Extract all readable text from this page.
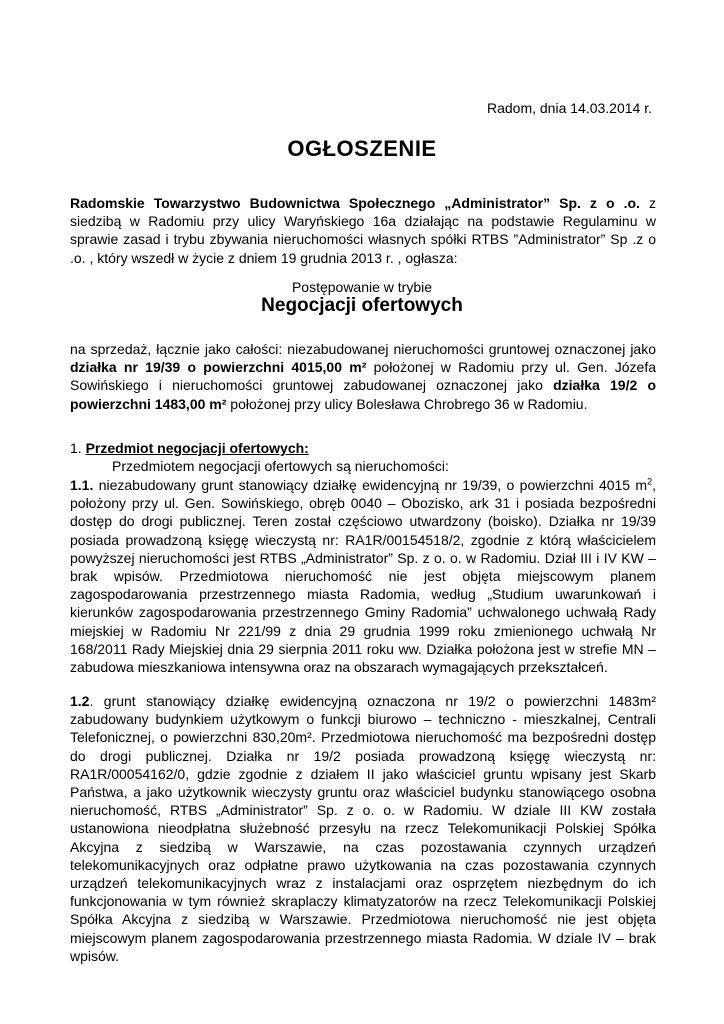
Radom, dnia 14.03.2014 r.
OGŁOSZENIE
Radomskie Towarzystwo Budownictwa Społecznego „Administrator” Sp. z o .o. z siedzibą w Radomiu przy ulicy Waryńskiego 16a działając na podstawie Regulaminu w sprawie zasad i trybu zbywania nieruchomości własnych spółki RTBS ”Administrator” Sp .z o .o. , który wszedł w życie z dniem 19 grudnia 2013 r. , ogłasza:
Postępowanie w trybie
Negocjacji ofertowych
na sprzedaż, łącznie jako całości: niezabudowanej nieruchomości gruntowej oznaczonej jako działka nr 19/39 o powierzchni 4015,00 m² położonej w Radomiu przy ul. Gen. Józefa Sowińskiego i nieruchomości gruntowej zabudowanej oznaczonej jako działka 19/2 o powierzchni 1483,00 m² położonej przy ulicy Bolesława Chrobrego 36 w Radomiu.
1. Przedmiot negocjacji ofertowych:
Przedmiotem negocjacji ofertowych są nieruchomości:
1.1. niezabudowany grunt stanowiący działkę ewidencyjną nr 19/39, o powierzchni 4015 $m^2$, położony przy ul. Gen. Sowińskiego, obręb 0040 – Obozisko, ark 31 i posiada bezpośredni dostęp do drogi publicznej. Teren został częściowo utwardzony (boisko). Działka nr 19/39 posiada prowadzoną księgę wieczystą nr: RA1R/00154518/2, zgodnie z którą właścicielem powyższej nieruchomości jest RTBS „Administrator” Sp. z o. o. w Radomiu. Dział III i IV KW – brak wpisów. Przedmiotowa nieruchomość nie jest objęta miejscowym planem zagospodarowania przestrzennego miasta Radomia, według „Studium uwarunkowań i kierunków zagospodarowania przestrzennego Gminy Radomia” uchwalonego uchwałą Rady miejskiej w Radomiu Nr 221/99 z dnia 29 grudnia 1999 roku zmienionego uchwałą Nr 168/2011 Rady Miejskiej dnia 29 sierpnia 2011 roku ww. Działka położona jest w strefie MN – zabudowa mieszkaniowa intensywna oraz na obszarach wymagających przekształceń.
1.2. grunt stanowiący działkę ewidencyjną oznaczona nr 19/2 o powierzchni 1483m² zabudowany budynkiem użytkowym o funkcji biurowo – techniczno - mieszkalnej, Centrali Telefonicznej, o powierzchni 830,20m². Przedmiotowa nieruchomość ma bezpośredni dostęp do drogi publicznej. Działka nr 19/2 posiada prowadzoną księgę wieczystą nr: RA1R/00054162/0, gdzie zgodnie z działem II jako właściciel gruntu wpisany jest Skarb Państwa, a jako użytkownik wieczysty gruntu oraz właściciel budynku stanowiącego osobna nieruchomość, RTBS „Administrator” Sp. z o. o. w Radomiu. W dziale III KW została ustanowiona nieodpłatna służebność przesyłu na rzecz Telekomunikacji Polskiej Spółka Akcyjna z siedzibą w Warszawie, na czas pozostawania czynnych urządzeń telekomunikacyjnych oraz odpłatne prawo użytkowania na czas pozostawania czynnych urządzeń telekomunikacyjnych wraz z instalacjami oraz osprzętem niezbędnym do ich funkcjonowania w tym również skraplaczy klimatyzatorów na rzecz Telekomunikacji Polskiej Spółka Akcyjna z siedzibą w Warszawie. Przedmiotowa nieruchomość nie jest objęta miejscowym planem zagospodarowania przestrzennego miasta Radomia. W dziale IV – brak wpisów.
